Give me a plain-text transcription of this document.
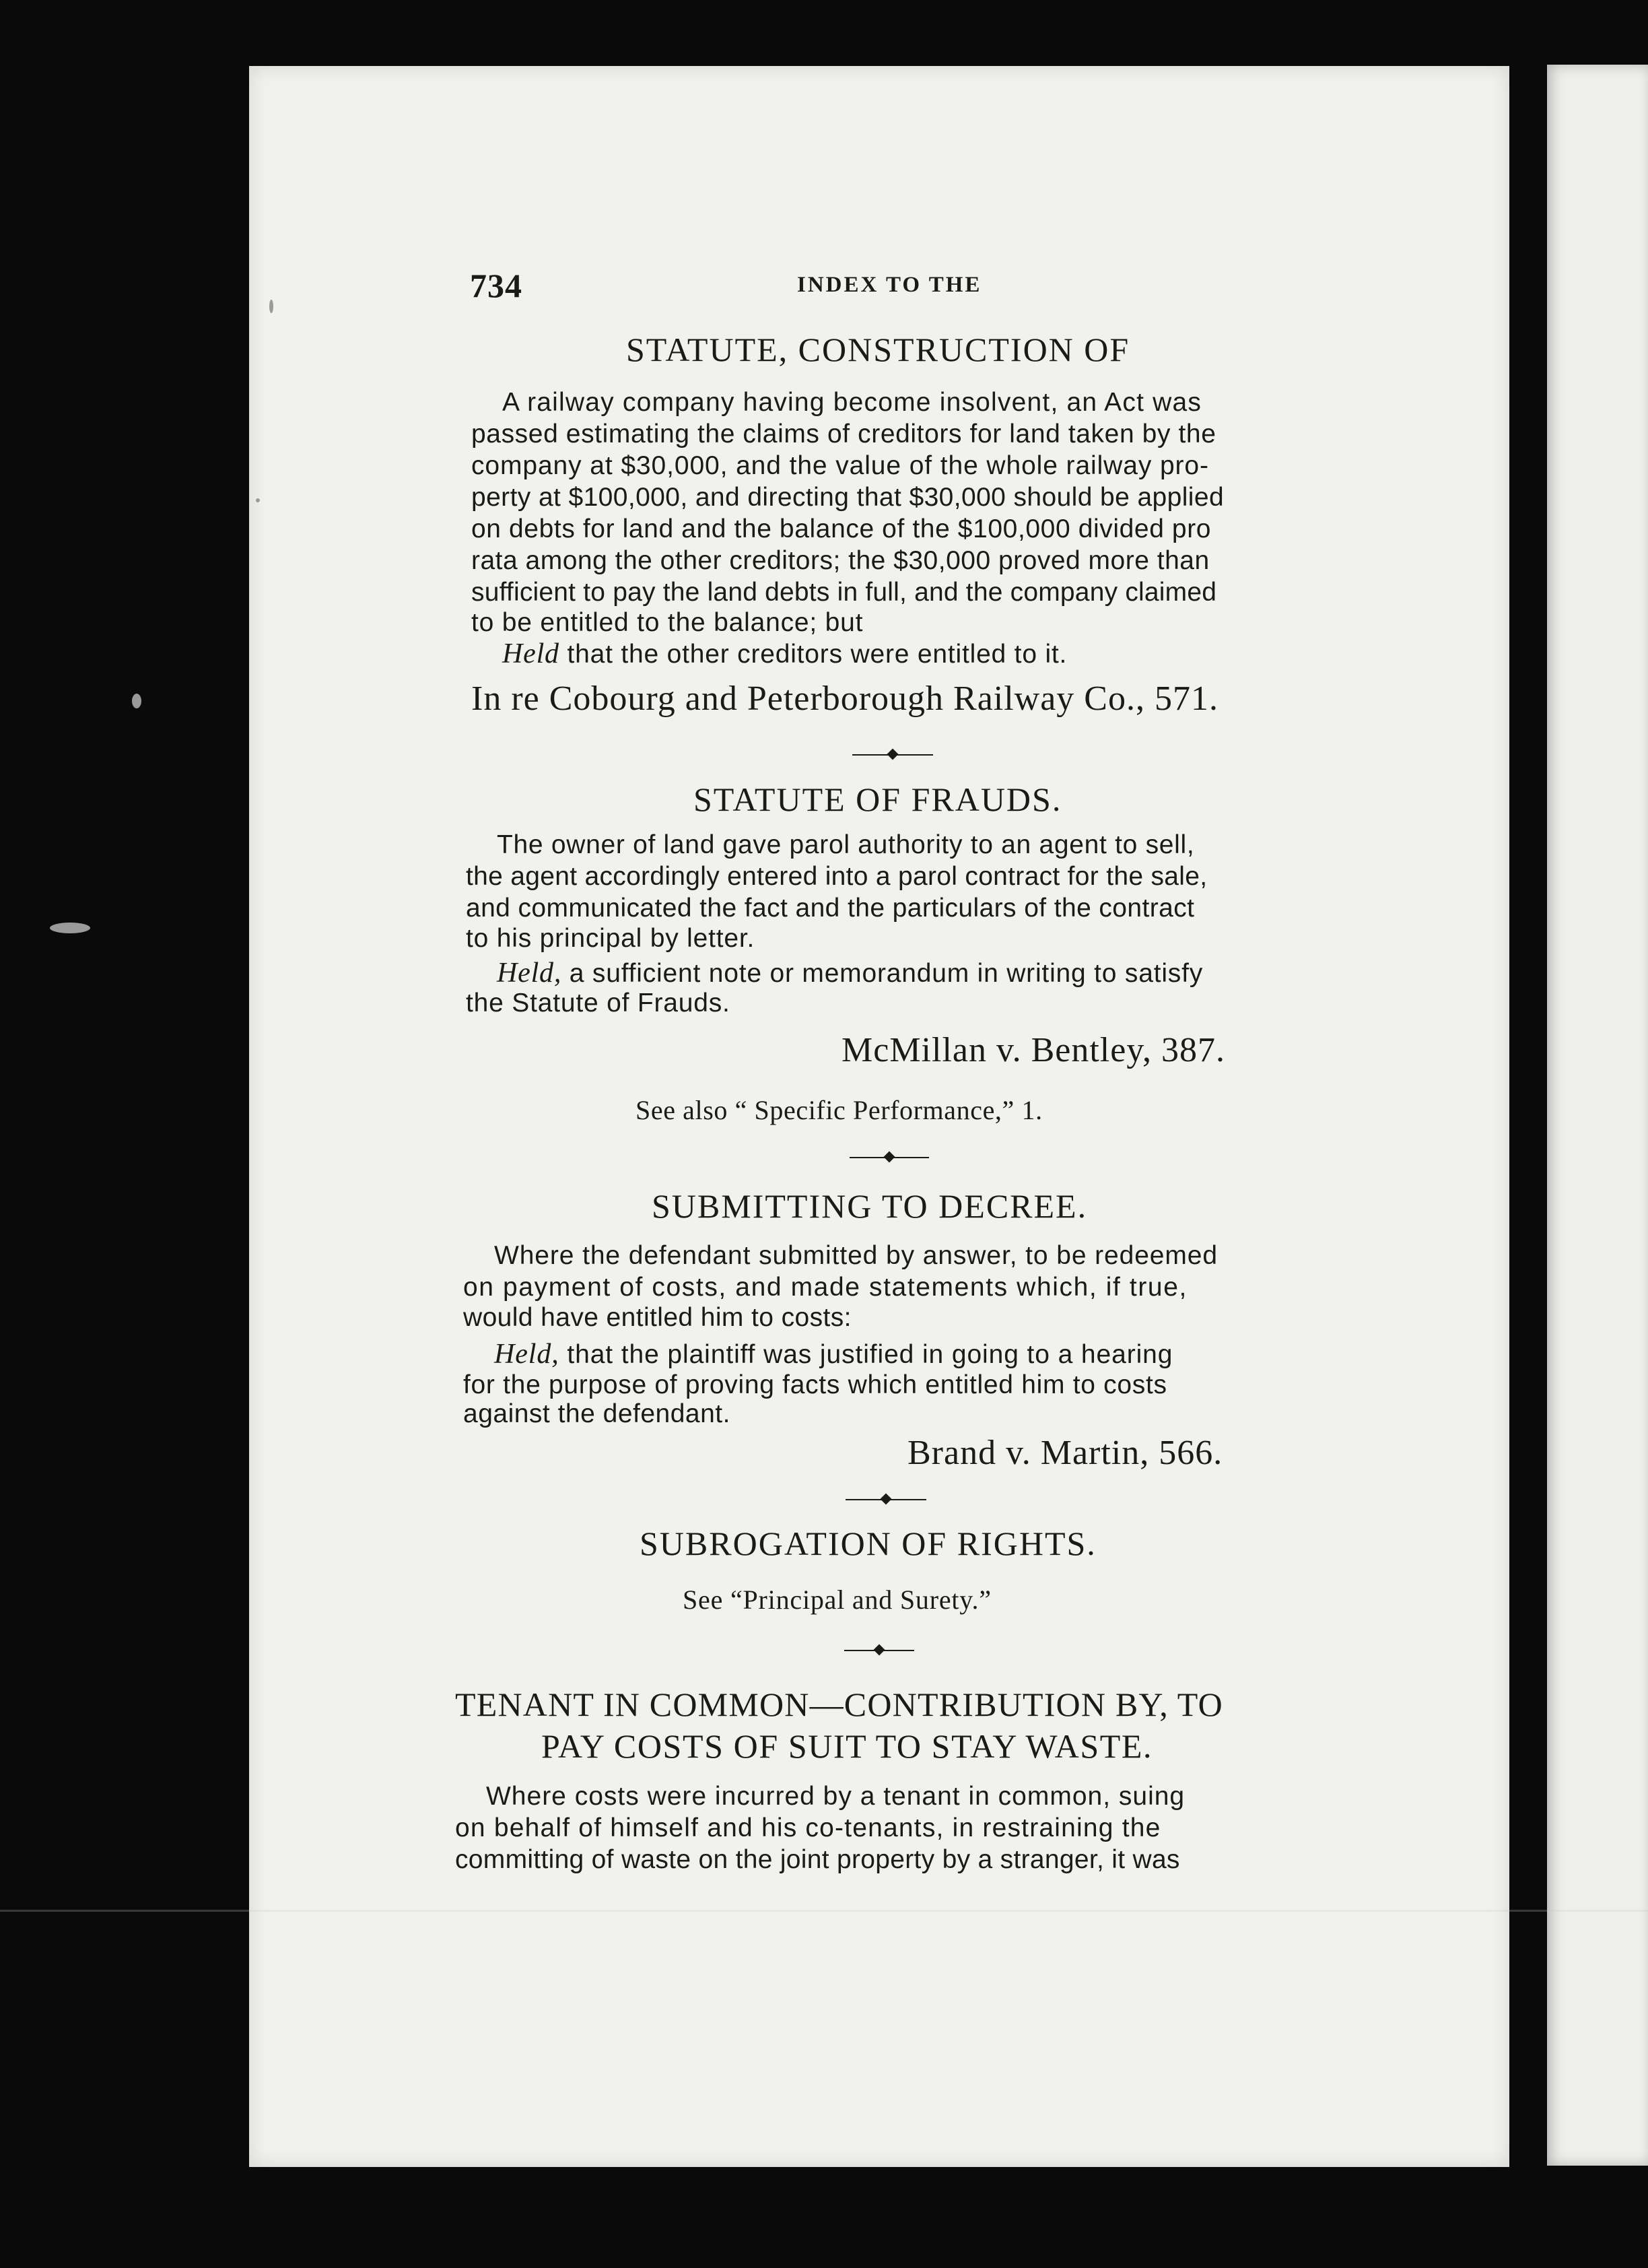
734	INDEX TO THE
STATUTE, CONSTRUCTION OF
A railway company having become insolvent, an Act was
passed estimating the claims of creditors for land taken by the
company at $30,000, and the value of the whole railway pro-
perty at $100,000, and directing that $30,000 should be applied
on debts for land and the balance of the $100,000 divided pro
rata among the other creditors; the $30,000 proved more than
sufficient to pay the land debts in full, and the company claimed
to be entitled to the balance; but
Held that the other creditors were entitled to it.
In re Cobourg and Peterborough Railway Co., 571.
STATUTE OF FRAUDS.
The owner of land gave parol authority to an agent to sell,
the agent accordingly entered into a parol contract for the sale,
and communicated the fact and the particulars of the contract
to his principal by letter.
Held, a sufficient note or memorandum in writing to satisfy
the Statute of Frauds.
McMillan v. Bentley, 387.
See also “ Specific Performance,” 1.
SUBMITTING TO DECREE.
Where the defendant submitted by answer, to be redeemed
on payment of costs, and made statements which, if true,
would have entitled him to costs:
Held, that the plaintiff was justified in going to a hearing
for the purpose of proving facts which entitled him to costs
against the defendant.
Brand v. Martin, 566.
SUBROGATION OF RIGHTS.
See “Principal and Surety.”
TENANT IN COMMON—CONTRIBUTION BY, TO
PAY COSTS OF SUIT TO STAY WASTE.
Where costs were incurred by a tenant in common, suing
on behalf of himself and his co-tenants, in restraining the
committing of waste on the joint property by a stranger, it was
